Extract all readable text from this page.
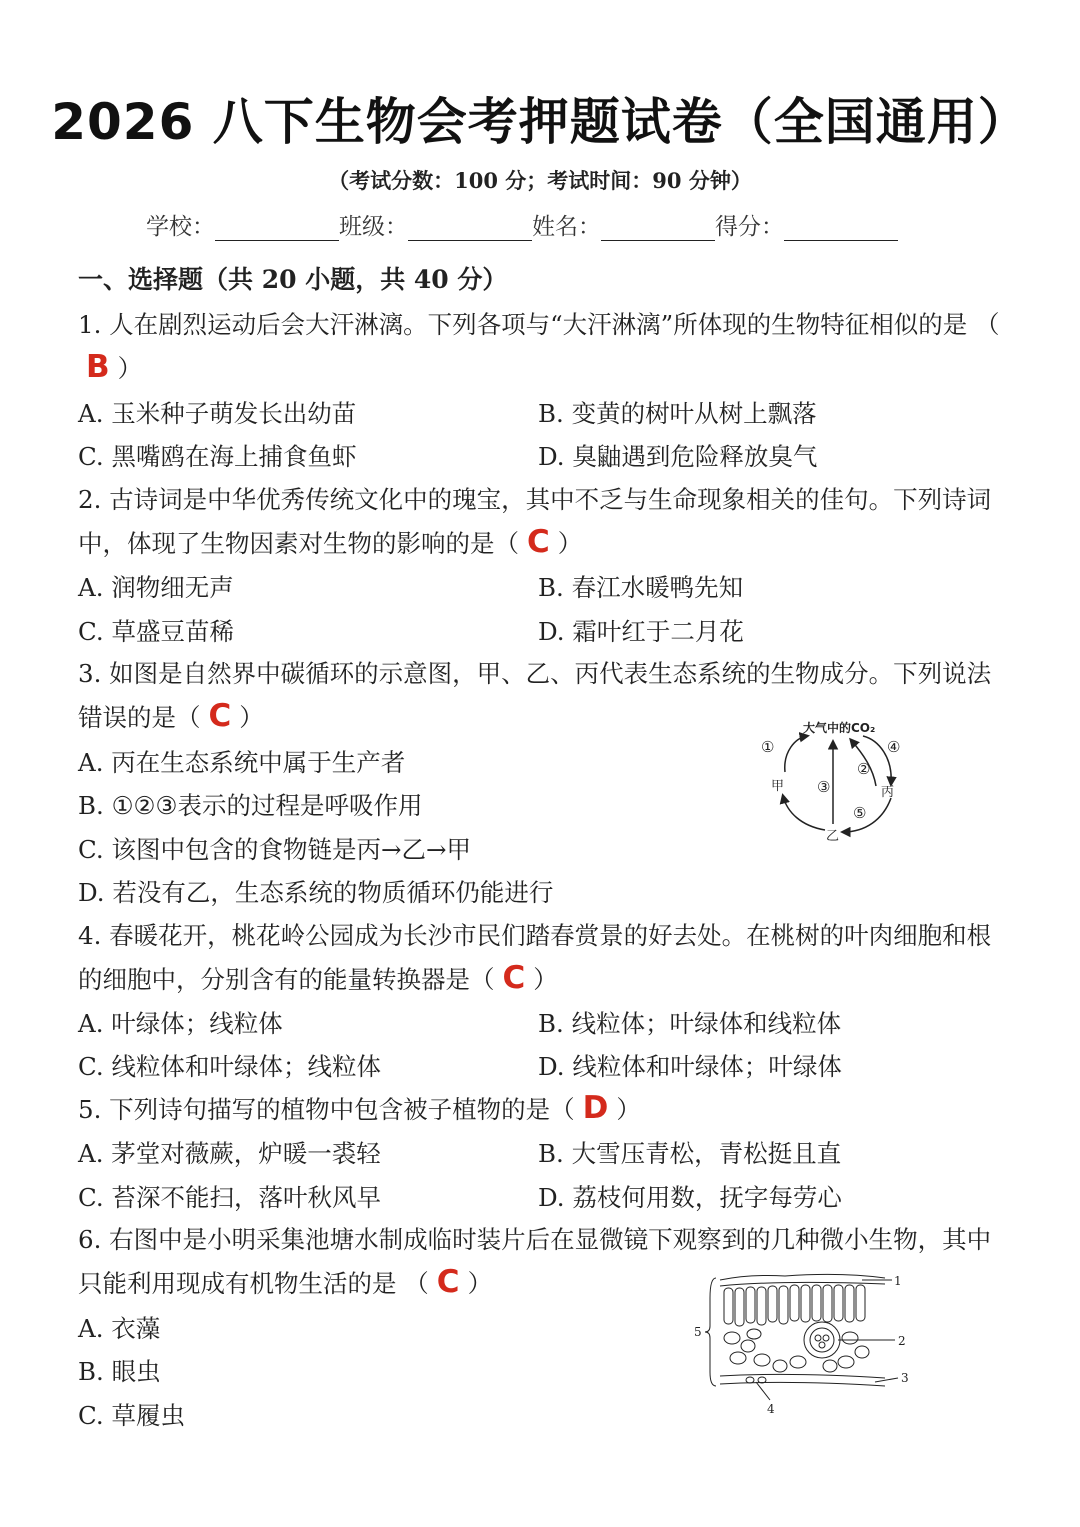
2026 八下生物会考押题试卷（全国通用）
（考试分数：100 分；考试时间：90 分钟）
学校：	班级：	姓名：	得分：
一、选择题（共 20 小题，共 40 分）
1. 人在剧烈运动后会大汗淋漓。下列各项与“大汗淋漓”所体现的生物特征相似的是 （B ）
A. 玉米种子萌发长出幼苗	B. 变黄的树叶从树上飘落
C. 黑嘴鸥在海上捕食鱼虾	D. 臭鼬遇到危险释放臭气
2. 古诗词是中华优秀传统文化中的瑰宝，其中不乏与生命现象相关的佳句。下列诗词中，体现了生物因素对生物的影响的是（ C ）
A. 润物细无声	B. 春江水暖鸭先知
C. 草盛豆苗稀	D. 霜叶红于二月花
3. 如图是自然界中碳循环的示意图，甲、乙、丙代表生态系统的生物成分。下列说法错误的是（ C ）
A. 丙在生态系统中属于生产者
B. ①②③表示的过程是呼吸作用
C. 该图中包含的食物链是丙→乙→甲
D. 若没有乙，生态系统的物质循环仍能进行
大气中的CO₂
①	④
甲	丙
乙
③
②
⑤
4. 春暖花开，桃花岭公园成为长沙市民们踏春赏景的好去处。在桃树的叶肉细胞和根的细胞中，分别含有的能量转换器是（ C ）
A. 叶绿体；线粒体	B. 线粒体；叶绿体和线粒体
C. 线粒体和叶绿体；线粒体	D. 线粒体和叶绿体；叶绿体
5. 下列诗句描写的植物中包含被子植物的是（ D ）
A. 茅堂对薇蕨，炉暖一裘轻	B. 大雪压青松，青松挺且直
C. 苔深不能扫，落叶秋风早	D. 荔枝何用数，抚字每劳心
6. 右图中是小明采集池塘水制成临时装片后在显微镜下观察到的几种微小生物，其中只能利用现成有机物生活的是 （ C ）
A. 衣藻
B. 眼虫
C. 草履虫
1
2
3
4
5
